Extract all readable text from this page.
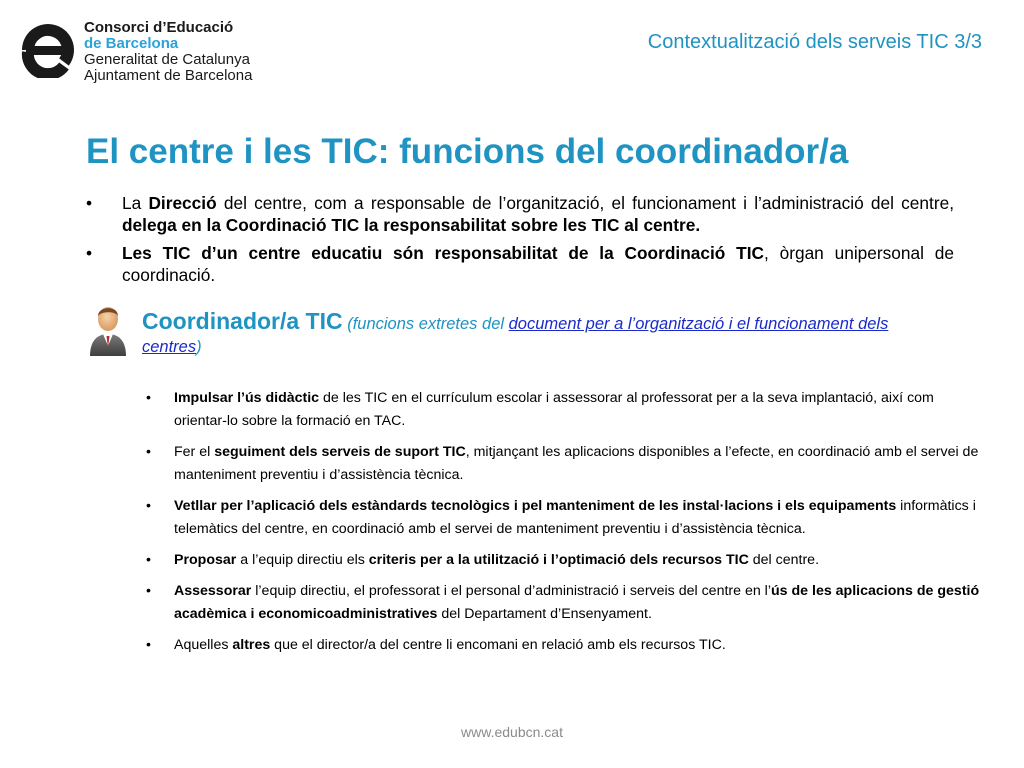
Consorci d’Educació
de Barcelona
Generalitat de Catalunya
Ajuntament de Barcelona
Contextualització dels serveis TIC 3/3
El centre i les TIC: funcions del coordinador/a
• La Direcció del centre, com a responsable de l’organització, el funcionament i l’administració del centre, delega en la Coordinació TIC la responsabilitat sobre les TIC al centre.
• Les TIC d’un centre educatiu són responsabilitat de la Coordinació TIC, òrgan unipersonal de coordinació.
Coordinador/a TIC (funcions extretes del document per a l’organització i el funcionament dels centres)
• Impulsar l’ús didàctic de les TIC en el currículum escolar i assessorar al professorat per a la seva implantació, així com orientar-lo sobre la formació en TAC.
• Fer el seguiment dels serveis de suport TIC, mitjançant les aplicacions disponibles a l’efecte, en coordinació amb el servei de manteniment preventiu i d’assistència tècnica.
• Vetllar per l’aplicació dels estàndards tecnològics i pel manteniment de les instal·lacions i els equipaments informàtics i telemàtics del centre, en coordinació amb el servei de manteniment preventiu i d’assistència tècnica.
• Proposar a l’equip directiu els criteris per a la utilització i l’optimació dels recursos TIC del centre.
• Assessorar l’equip directiu, el professorat i el personal d’administració i serveis del centre en l’ús de les aplicacions de gestió acadèmica i economicoadministratives del Departament d’Ensenyament.
• Aquelles altres que el director/a del centre li encomani en relació amb els recursos TIC.
www.edubcn.cat
